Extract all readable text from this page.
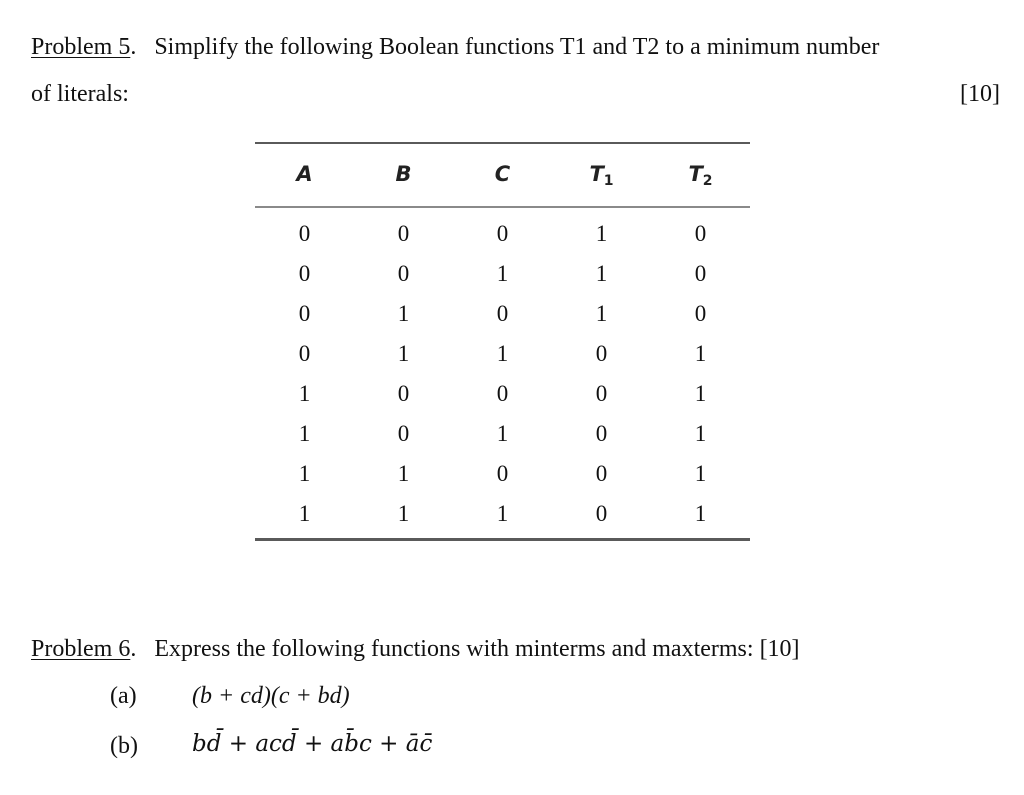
Problem 5. Simplify the following Boolean functions T1 and T2 to a minimum number
of literals:	[10]
A	B	C	$T_1$	$T_2$

0	0	0	1	0
0	0	1	1	0
0	1	0	1	0
0	1	1	0	1
1	0	0	0	1
1	0	1	0	1
1	1	0	0	1
1	1	1	0	1
Problem 6. Express the following functions with minterms and maxterms: [10]
(a) (b + cd)(c + bd)
(b) bd̄ + acd̄ + ab̄c + āc̄
